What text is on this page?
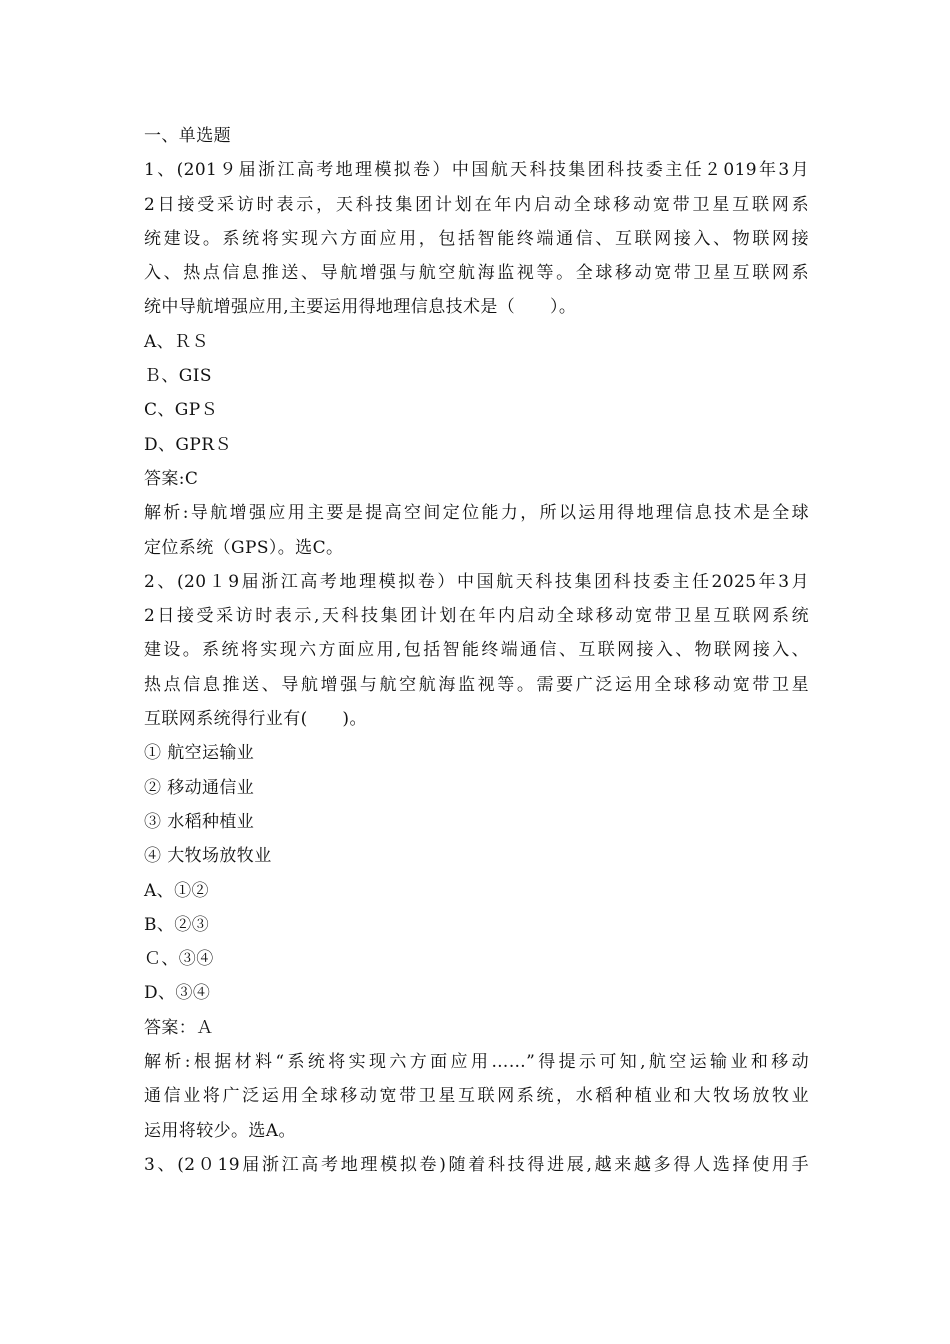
一、单选题
1、(201９届浙江高考地理模拟卷）中国航天科技集团科技委主任２019年3月
2日接受采访时表示，天科技集团计划在年内启动全球移动宽带卫星互联网系
统建设。系统将实现六方面应用，包括智能终端通信、互联网接入、物联网接
入、热点信息推送、导航增强与航空航海监视等。全球移动宽带卫星互联网系
统中导航增强应用,主要运用得地理信息技术是（　　）。
A、ＲＳ
Ｂ、GIS
C、GPＳ
D、GPRＳ
答案:C
解析:导航增强应用主要是提高空间定位能力，所以运用得地理信息技术是全球
定位系统（GPS）。选C。
2、(20１9届浙江高考地理模拟卷）中国航天科技集团科技委主任2025年3月
2日接受采访时表示,天科技集团计划在年内启动全球移动宽带卫星互联网系统
建设。系统将实现六方面应用,包括智能终端通信、互联网接入、物联网接入、
热点信息推送、导航增强与航空航海监视等。需要广泛运用全球移动宽带卫星
互联网系统得行业有(　　)。
① 航空运输业
② 移动通信业
③ 水稻种植业
④ 大牧场放牧业
A、①②
B、②③
Ｃ、③④
D、③④
答案：Ａ
解析:根据材料“系统将实现六方面应用……”得提示可知,航空运输业和移动
通信业将广泛运用全球移动宽带卫星互联网系统，水稻种植业和大牧场放牧业
运用将较少。选A。
3、(2０19届浙江高考地理模拟卷)随着科技得进展,越来越多得人选择使用手
